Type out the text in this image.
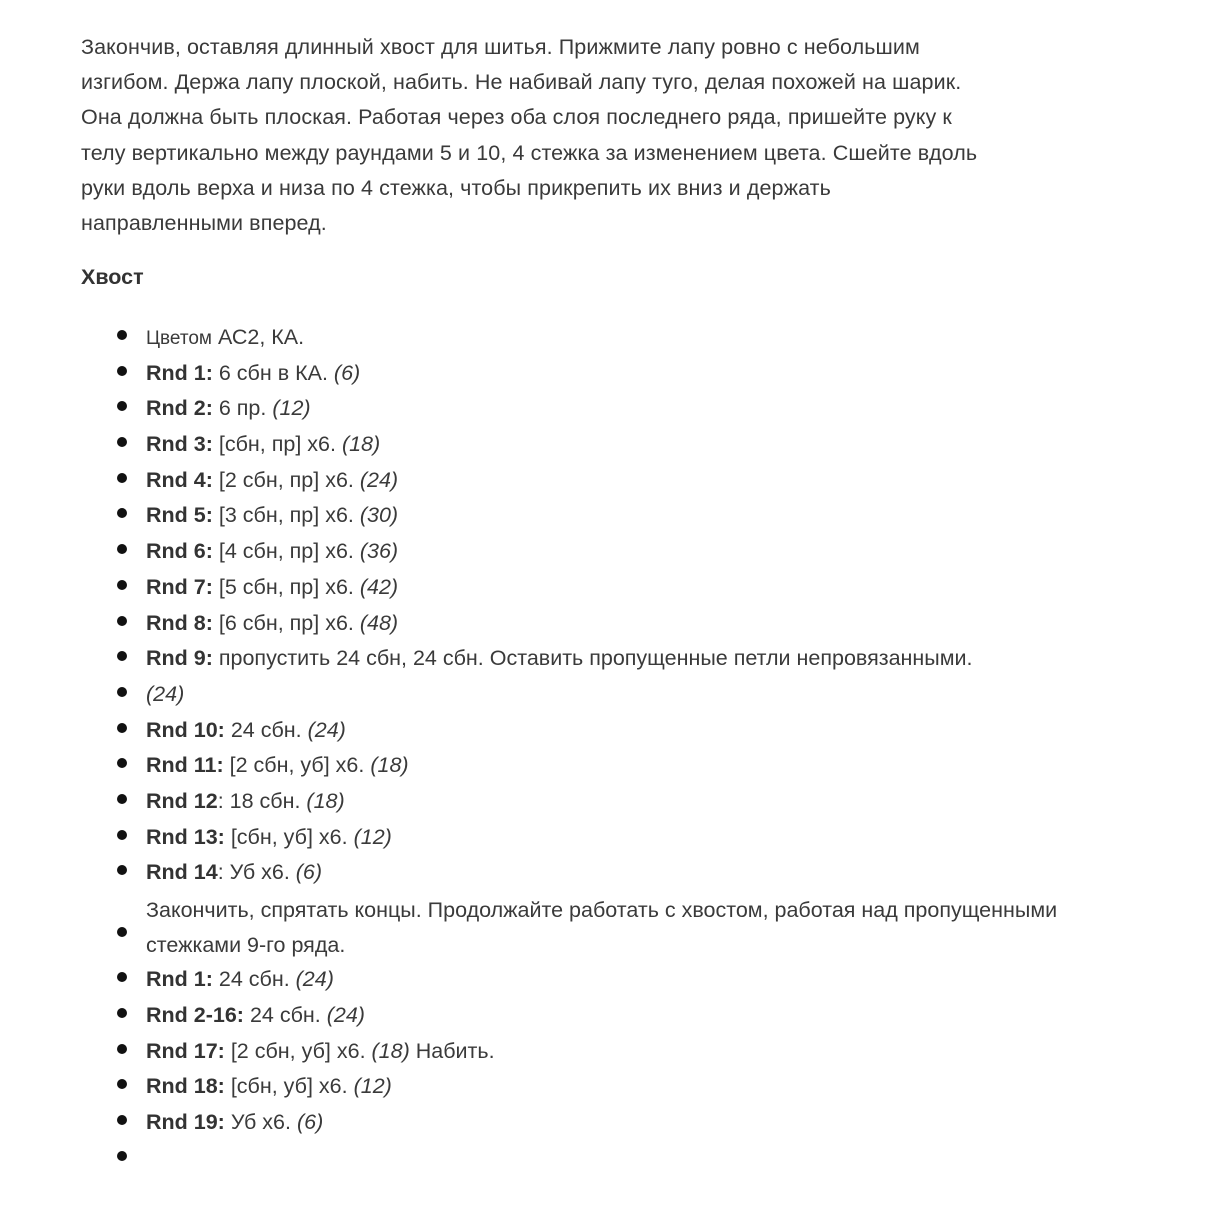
Закончив, оставляя длинный хвост для шитья. Прижмите лапу ровно с небольшим
изгибом. Держа лапу плоской, набить. Не набивай лапу туго, делая похожей на шарик.
Она должна быть плоская. Работая через оба слоя последнего ряда, пришейте руку к
телу вертикально между раундами 5 и 10, 4 стежка за изменением цвета. Сшейте вдоль
руки вдоль верха и низа по 4 стежка, чтобы прикрепить их вниз и держать
направленными вперед.

Хвост
Цветом АС2, КА.
Rnd 1: 6 сбн в КА. (6)
Rnd 2: 6 пр. (12)
Rnd 3: [сбн, пр] х6. (18)
Rnd 4: [2 сбн, пр] х6. (24)
Rnd 5: [3 сбн, пр] х6. (30)
Rnd 6: [4 сбн, пр] х6. (36)
Rnd 7: [5 сбн, пр] х6. (42)
Rnd 8: [6 сбн, пр] х6. (48)
Rnd 9: пропустить 24 сбн, 24 сбн. Оставить пропущенные петли непровязанными.
(24)
Rnd 10: 24 сбн. (24)
Rnd 11: [2 сбн, уб] х6. (18)
Rnd 12: 18 сбн. (18)
Rnd 13: [сбн, уб] х6. (12)
Rnd 14: Уб х6. (6)
Закончить, спрятать концы. Продолжайте работать с хвостом, работая над пропущенными стежками 9-го ряда.
Rnd 1: 24 сбн. (24)
Rnd 2-16: 24 сбн. (24)
Rnd 17: [2 сбн, уб] х6. (18) Набить.
Rnd 18: [сбн, уб] х6. (12)
Rnd 19: Уб х6. (6)
